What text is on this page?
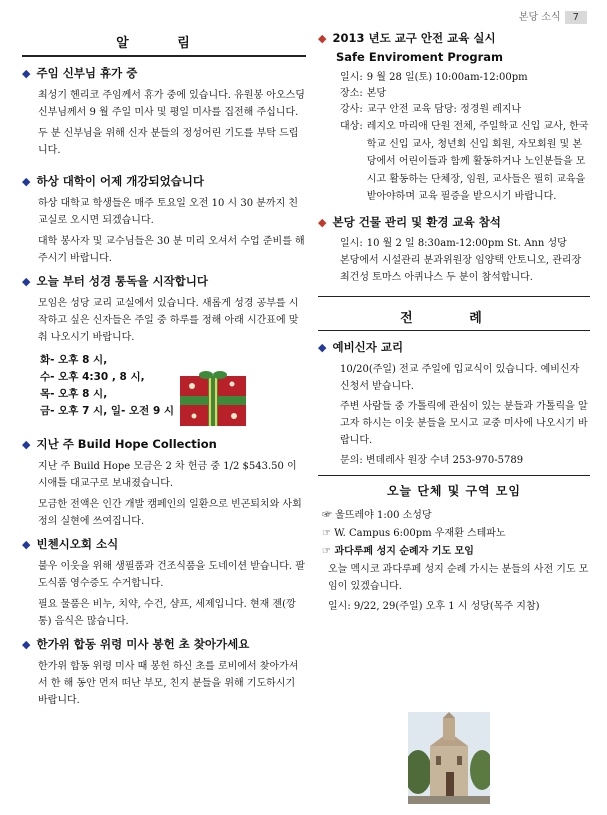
본당 소식 7
알 림
◆ 주임 신부님 휴가 중

최성기 헨리코 주임께서 휴가 중에 있습니다. 유원봉 아오스딩 신부님께서 9 월 주일 미사 및 평일 미사를 집전해 주십니다.

두 분 신부님을 위해 신자 분들의 정성어린 기도를 부탁 드립니다.

◆ 하상 대학이 어제 개강되었습니다

하상 대학교 학생들은 매주 토요일 오전 10 시 30 분까지 친교실로 오시면 되겠습니다.

대학 봉사자 및 교수님들은 30 분 미리 오셔서 수업 준비를 해 주시기 바랍니다.

◆ 오늘 부터 성경 통독을 시작합니다

모임은 성당 교리 교실에서 있습니다. 새롭게 성경 공부를 시작하고 싶은 신자들은 주일 중 하루를 정해 아래 시간표에 맞춰 나오시기 바랍니다.

화- 오후 8 시,
수- 오후 4:30 , 8 시,
목- 오후 8 시,
금- 오후 7 시, 일- 오전 9 시
◆ 지난 주 Build Hope Collection

지난 주 Build Hope 모금은 2 차 헌금 중 1/2 $543.50 이 시애틀 대교구로 보내졌습니다.

모금한 전액은 인간 개발 캠페인의 일환으로 빈곤퇴치와 사회 정의 실현에 쓰여집니다.

◆ 빈첸시오회 소식

불우 이웃을 위해 생필품과 건조식품을 도네이션 받습니다. 팔도식품 영수증도 수거합니다.

필요 물품은 비누, 치약, 수건, 샴프, 세제입니다. 현재 젠(깡통) 음식은 많습니다.

◆ 한가위 합동 위령 미사 봉헌 초 찾아가세요

한가위 합동 위령 미사 때 봉헌 하신 초를 로비에서 찾아가셔서 한 해 동안 먼저 떠난 부모, 친지 분들을 위해 기도하시기 바랍니다.

◆ 2013 년도 교구 안전 교육 실시
Safe Enviroment Program
일시: 9 월 28 일(토) 10:00am-12:00pm
장소: 본당
강사: 교구 안전 교육 담당: 정경원 레지나
대상: 레지오 마리애 단원 전체, 주일학교 신입 교사, 한국 학교 신입 교사, 청년회 신입 회원, 자모회원 및 본당에서 어린이들과 함께 활동하거나 노인분들을 모시고 활동하는 단체장, 임원, 교사들은 필히 교육을 받아야하며 교육 필증을 받으시기 바랍니다.
◆ 본당 건물 관리 및 환경 교육 참석
일시: 10 월 2 일 8:30am-12:00pm St. Ann 성당

본당에서 시설관리 분과위원장 임양택 안토니오, 관리장 최건성 토마스 아퀴나스 두 분이 참석합니다.

전 례
◆ 예비신자 교리

10/20(주일) 전교 주일에 입교식이 있습니다. 예비신자 신청서 받습니다.

주변 사람들 중 가톨릭에 관심이 있는 분들과 가톨릭을 알고자 하시는 이웃 분들을 모시고 교중 미사에 나오시기 바랍니다.

문의: 변데레사 원장 수녀 253-970-5789

오늘 단체 및 구역 모임
☞ 울뜨레야 1:00 소성당
☞ W. Campus 6:00pm 우재환 스테파노
☞ 과다루페 성지 순례자 기도 모임

오늘 멕시코 과다루페 성지 순례 가시는 분들의 사전 기도 모임이 있겠습니다.

일시: 9/22, 29(주일) 오후 1 시 성당(목주 지참)
